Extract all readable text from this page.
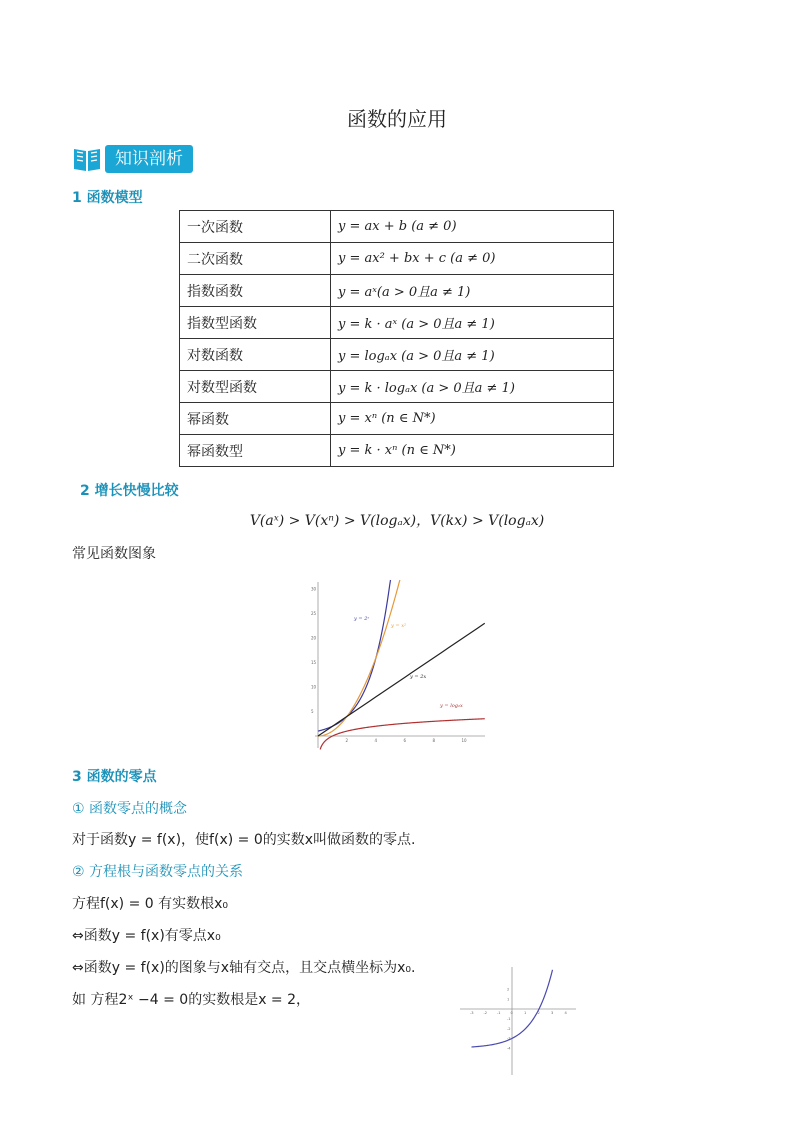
函数的应用
知识剖析
1 函数模型
一次函数	y = ax + b (a ≠ 0)
二次函数	y = ax² + bx + c (a ≠ 0)
指数函数	y = aˣ(a > 0且a ≠ 1)
指数型函数	y = k · aˣ (a > 0且a ≠ 1)
对数函数	y = logₐx (a > 0且a ≠ 1)
对数型函数	y = k · logₐx (a > 0且a ≠ 1)
幂函数	y = xⁿ (n ∈ N*)
幂函数型	y = k · xⁿ (n ∈ N*)
2 增长快慢比较
V(aˣ) > V(xⁿ) > V(logₐx)，V(kx) > V(logₐx)
常见函数图象
2	4	6	8	10
5
10
15
20
25
30
y = 2ˣ
y = x²
y = 2x
y = log₂x
3 函数的零点
① 函数零点的概念
对于函数y = f(x)，使f(x) = 0的实数x叫做函数的零点.
② 方程根与函数零点的关系
方程f(x) = 0 有实数根x₀
⇔函数y = f(x)有零点x₀
⇔函数y = f(x)的图象与x轴有交点，且交点横坐标为x₀.
如 方程2ˣ −4 = 0的实数根是x = 2，
-3	-2	-1	0	1	2	3	4
-4
-3
-2
-1
1
2
